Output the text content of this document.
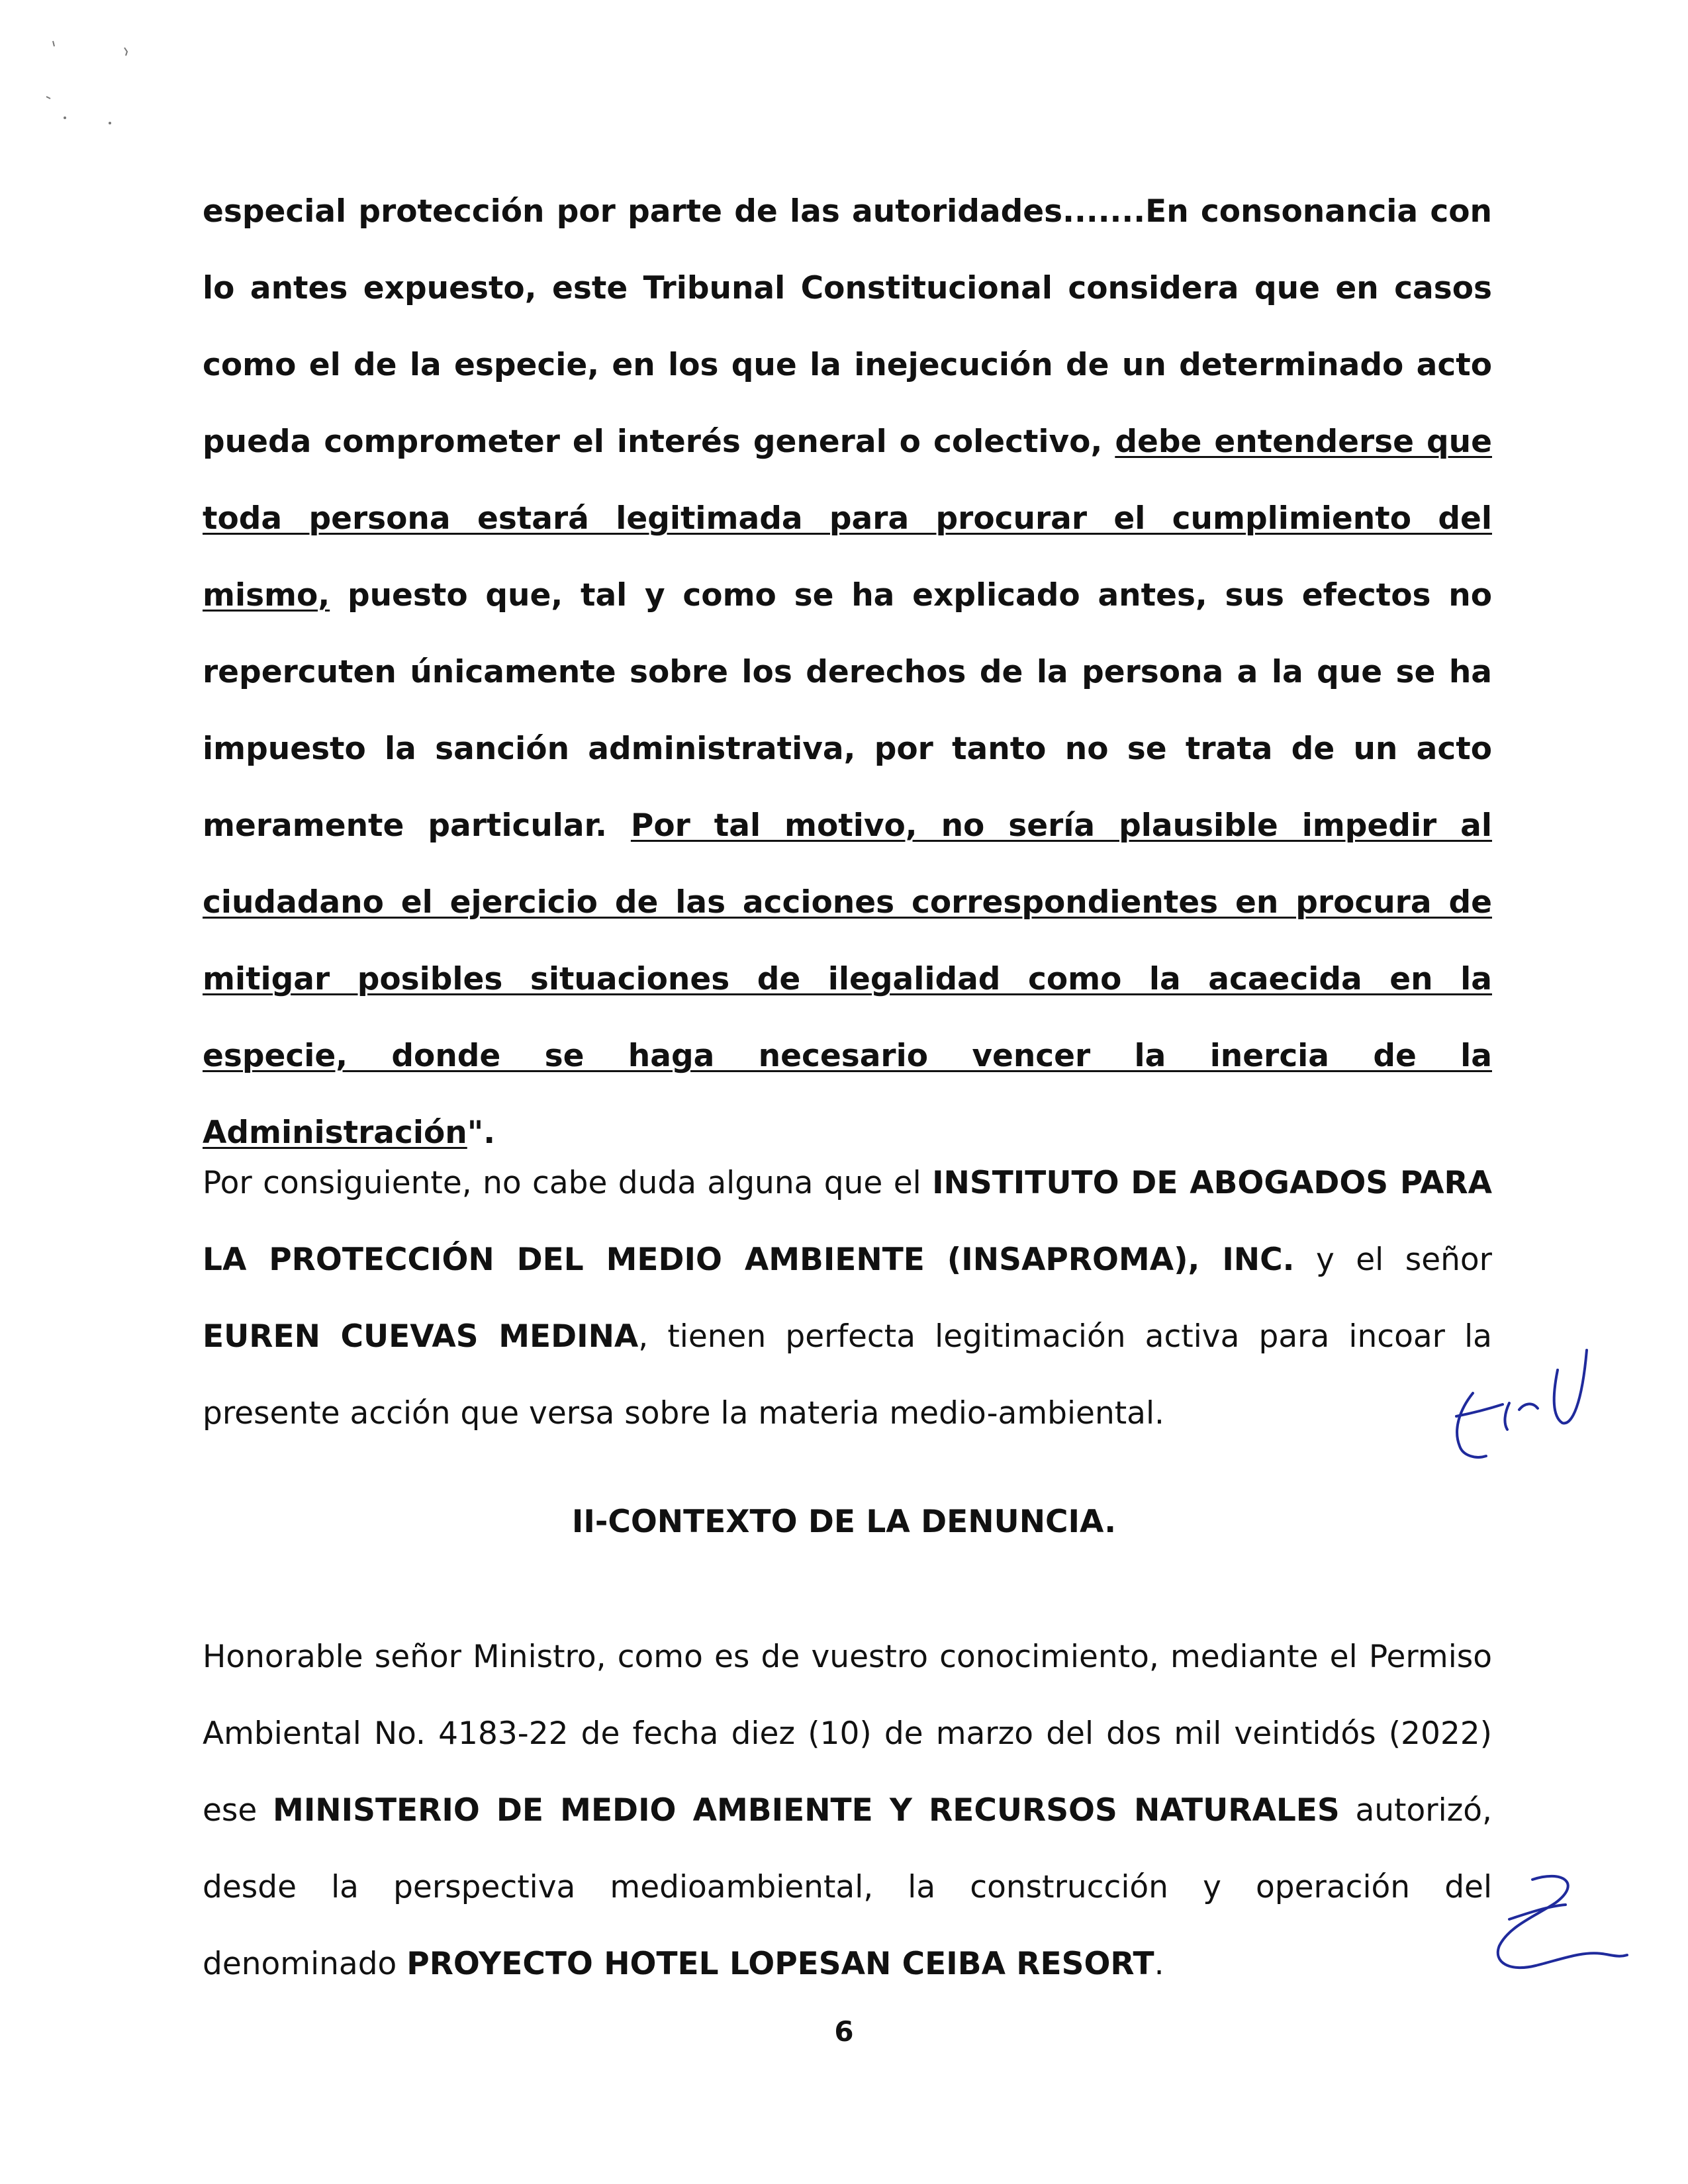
especial protección por parte de las autoridades.......En consonancia con lo antes expuesto, este Tribunal Constitucional considera que en casos como el de la especie, en los que la inejecución de un determinado acto pueda comprometer el interés general o colectivo, debe entenderse que toda persona estará legitimada para procurar el cumplimiento del mismo, puesto que, tal y como se ha explicado antes, sus efectos no repercuten únicamente sobre los derechos de la persona a la que se ha impuesto la sanción administrativa, por tanto no se trata de un acto meramente particular. Por tal motivo, no sería plausible impedir al ciudadano el ejercicio de las acciones correspondientes en procura de mitigar posibles situaciones de ilegalidad como la acaecida en la especie, donde se haga necesario vencer la inercia de la Administración".
Por consiguiente, no cabe duda alguna que el INSTITUTO DE ABOGADOS PARA LA PROTECCIÓN DEL MEDIO AMBIENTE (INSAPROMA), INC. y el señor EUREN CUEVAS MEDINA, tienen perfecta legitimación activa para incoar la presente acción que versa sobre la materia medio-ambiental.
II-CONTEXTO DE LA DENUNCIA.
Honorable señor Ministro, como es de vuestro conocimiento, mediante el Permiso Ambiental No. 4183-22 de fecha diez (10) de marzo del dos mil veintidós (2022) ese MINISTERIO DE MEDIO AMBIENTE Y RECURSOS NATURALES autorizó, desde la perspectiva medioambiental, la construcción y operación del denominado PROYECTO HOTEL LOPESAN CEIBA RESORT.
6
